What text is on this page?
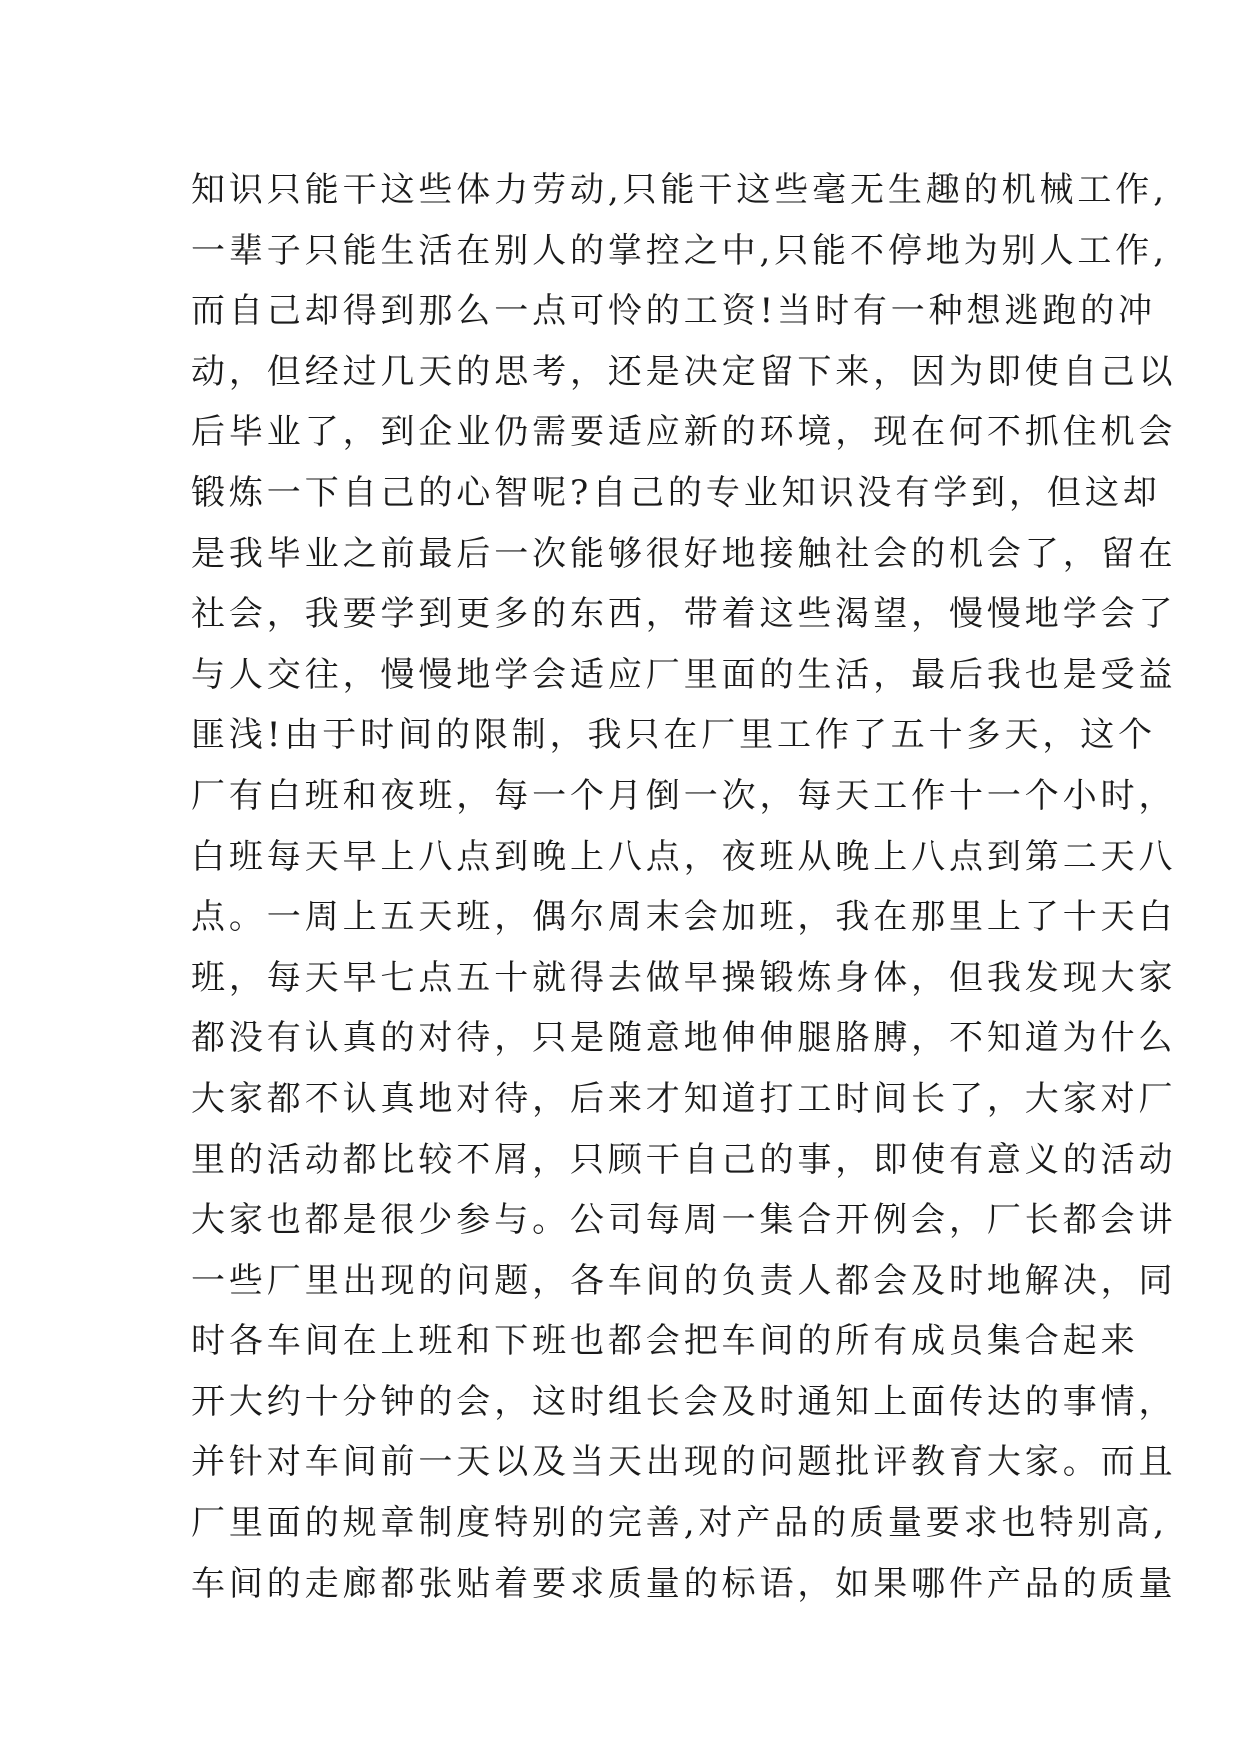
知识只能干这些体力劳动,只能干这些毫无生趣的机械工作,
一辈子只能生活在别人的掌控之中,只能不停地为别人工作,
而自己却得到那么一点可怜的工资!当时有一种想逃跑的冲
动，但经过几天的思考，还是决定留下来，因为即使自己以
后毕业了，到企业仍需要适应新的环境，现在何不抓住机会
锻炼一下自己的心智呢?自己的专业知识没有学到，但这却
是我毕业之前最后一次能够很好地接触社会的机会了，留在
社会，我要学到更多的东西，带着这些渴望，慢慢地学会了
与人交往，慢慢地学会适应厂里面的生活，最后我也是受益
匪浅!由于时间的限制，我只在厂里工作了五十多天，这个
厂有白班和夜班，每一个月倒一次，每天工作十一个小时，
白班每天早上八点到晚上八点，夜班从晚上八点到第二天八
点。一周上五天班，偶尔周末会加班，我在那里上了十天白
班，每天早七点五十就得去做早操锻炼身体，但我发现大家
都没有认真的对待，只是随意地伸伸腿胳膊，不知道为什么
大家都不认真地对待，后来才知道打工时间长了，大家对厂
里的活动都比较不屑，只顾干自己的事，即使有意义的活动
大家也都是很少参与。公司每周一集合开例会，厂长都会讲
一些厂里出现的问题，各车间的负责人都会及时地解决，同
时各车间在上班和下班也都会把车间的所有成员集合起来
开大约十分钟的会，这时组长会及时通知上面传达的事情，
并针对车间前一天以及当天出现的问题批评教育大家。而且
厂里面的规章制度特别的完善,对产品的质量要求也特别高,
车间的走廊都张贴着要求质量的标语，如果哪件产品的质量
